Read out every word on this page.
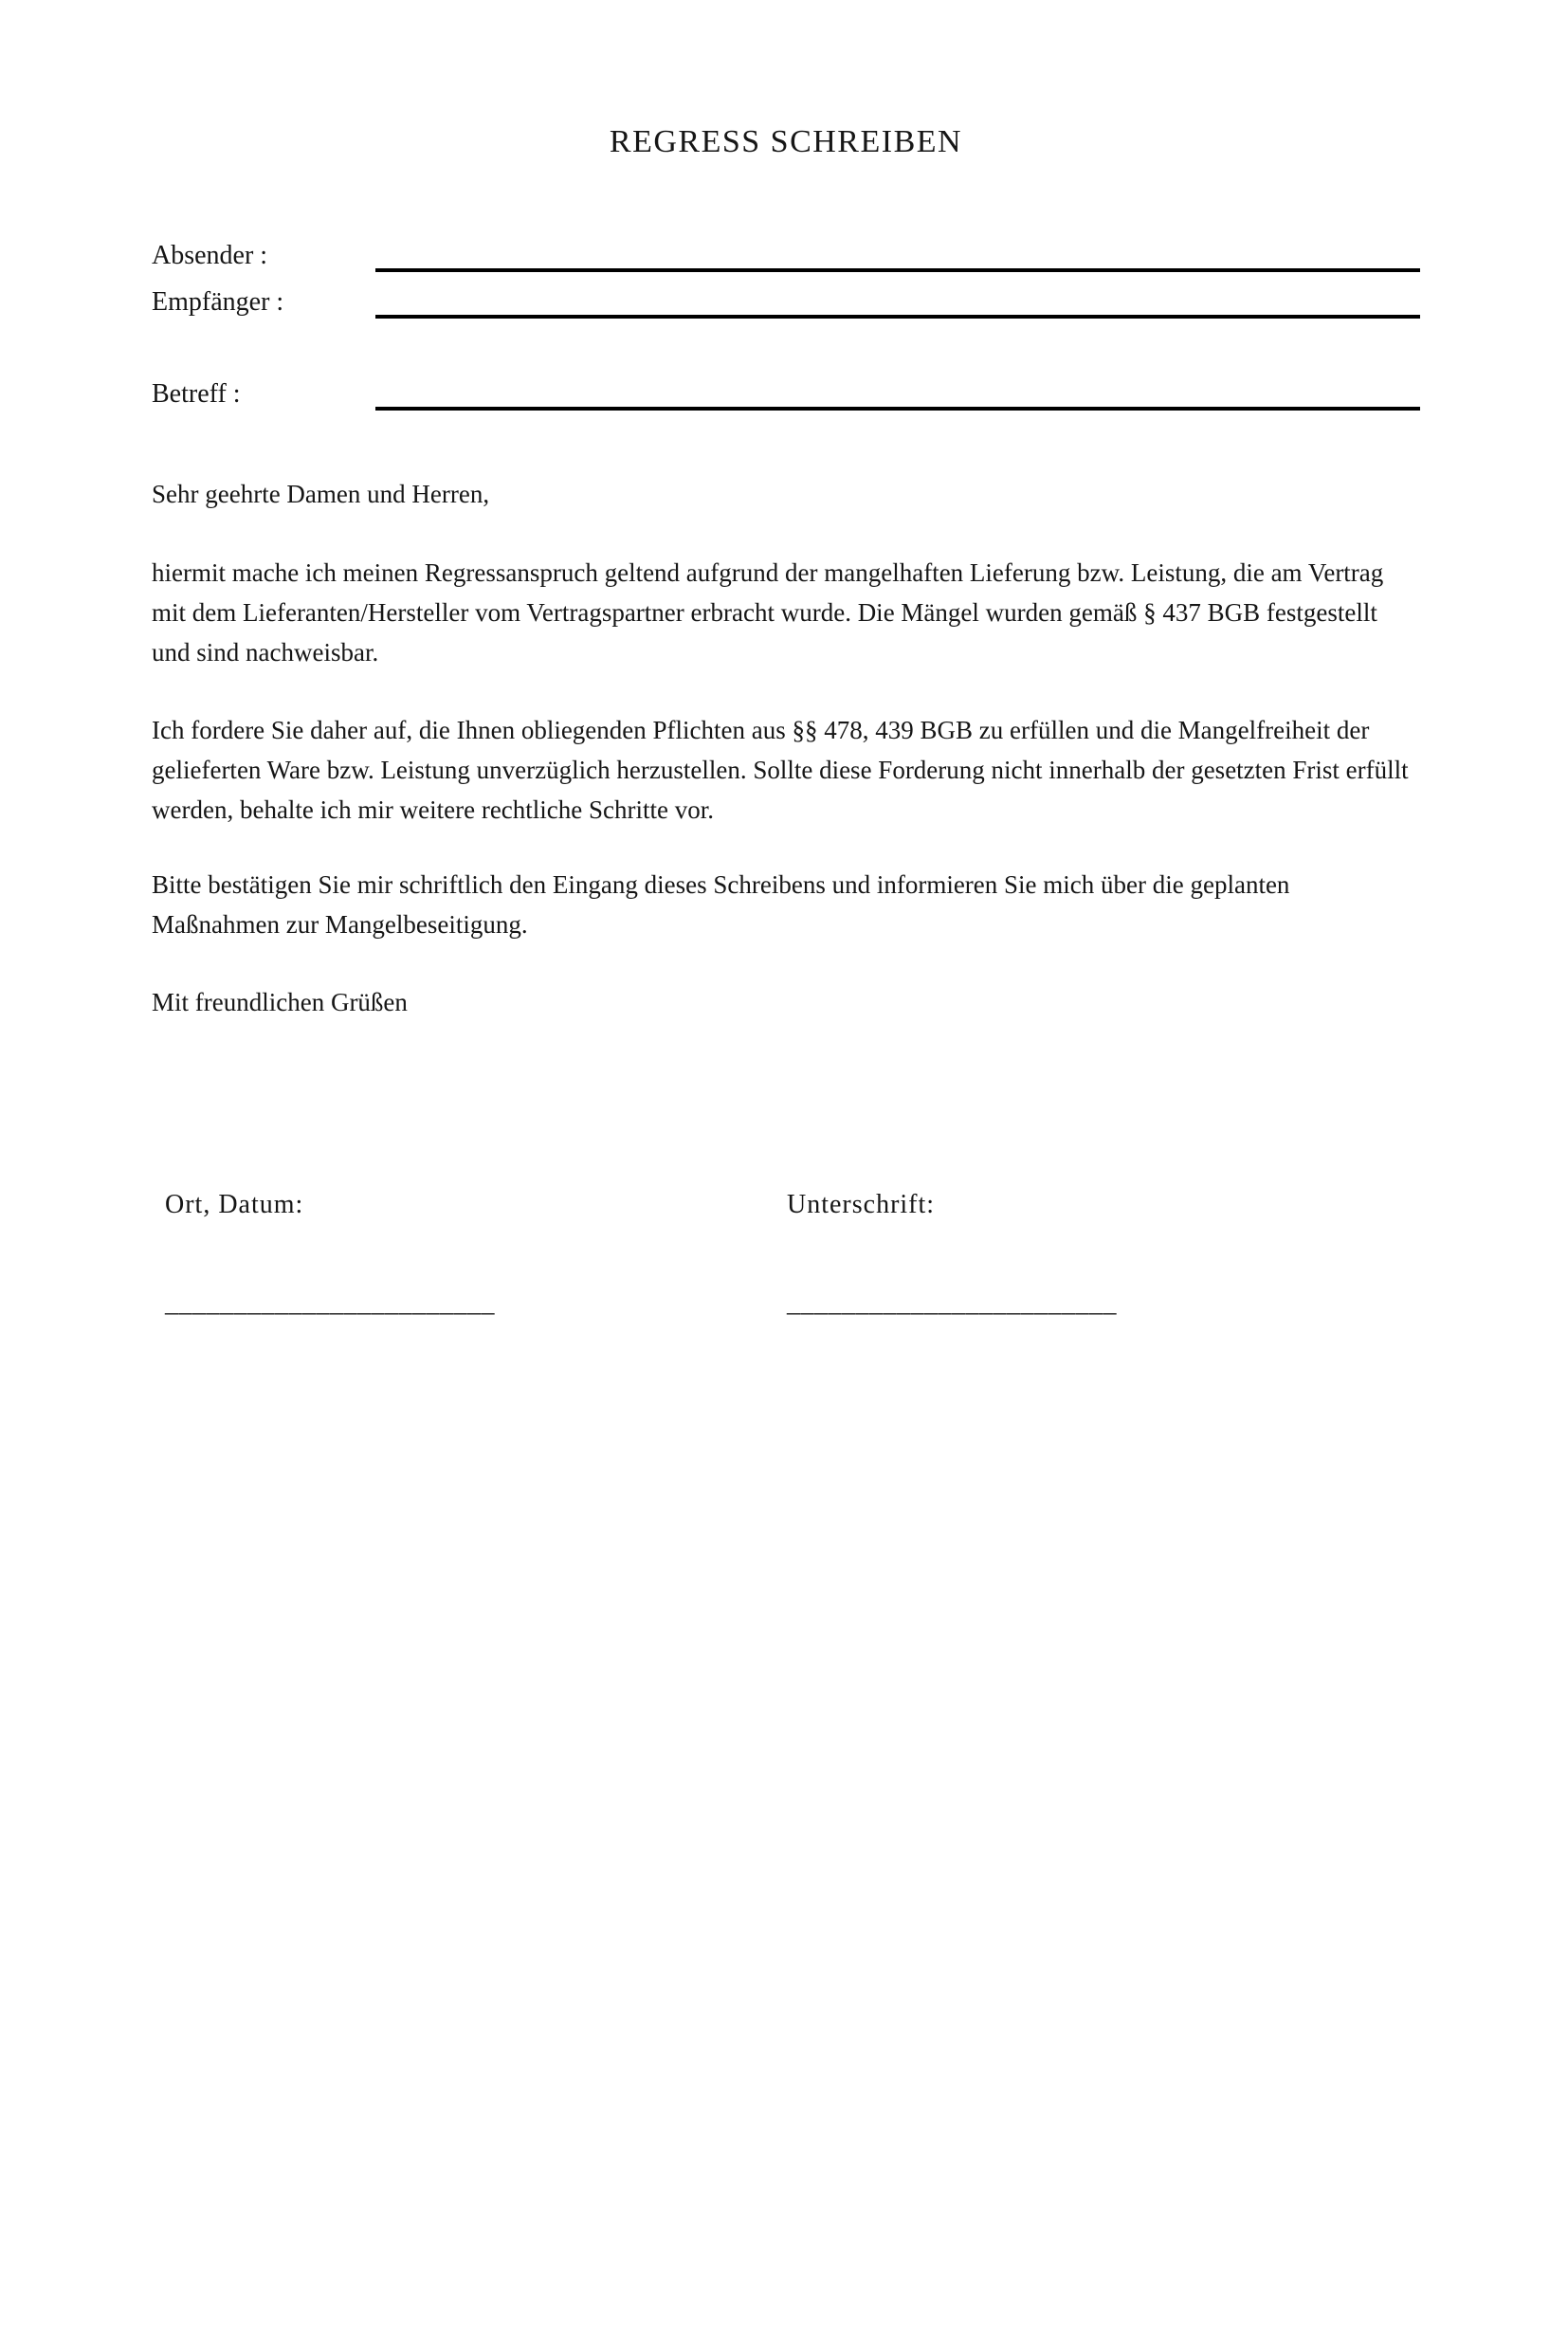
REGRESS SCHREIBEN
Absender :
Empfänger :
Betreff :

Sehr geehrte Damen und Herren,

hiermit mache ich meinen Regressanspruch geltend aufgrund der mangelhaften Lieferung bzw. Leistung, die am Vertrag mit dem Lieferanten/Hersteller vom Vertragspartner erbracht wurde. Die Mängel wurden gemäß § 437 BGB festgestellt und sind nachweisbar.

Ich fordere Sie daher auf, die Ihnen obliegenden Pflichten aus §§ 478, 439 BGB zu erfüllen und die Mangelfreiheit der gelieferten Ware bzw. Leistung unverzüglich herzustellen. Sollte diese Forderung nicht innerhalb der gesetzten Frist erfüllt werden, behalte ich mir weitere rechtliche Schritte vor.

Bitte bestätigen Sie mir schriftlich den Eingang dieses Schreibens und informieren Sie mich über die geplanten Maßnahmen zur Mangelbeseitigung.

Mit freundlichen Grüßen

Ort, Datum:	Unterschrift:
________________________	________________________
